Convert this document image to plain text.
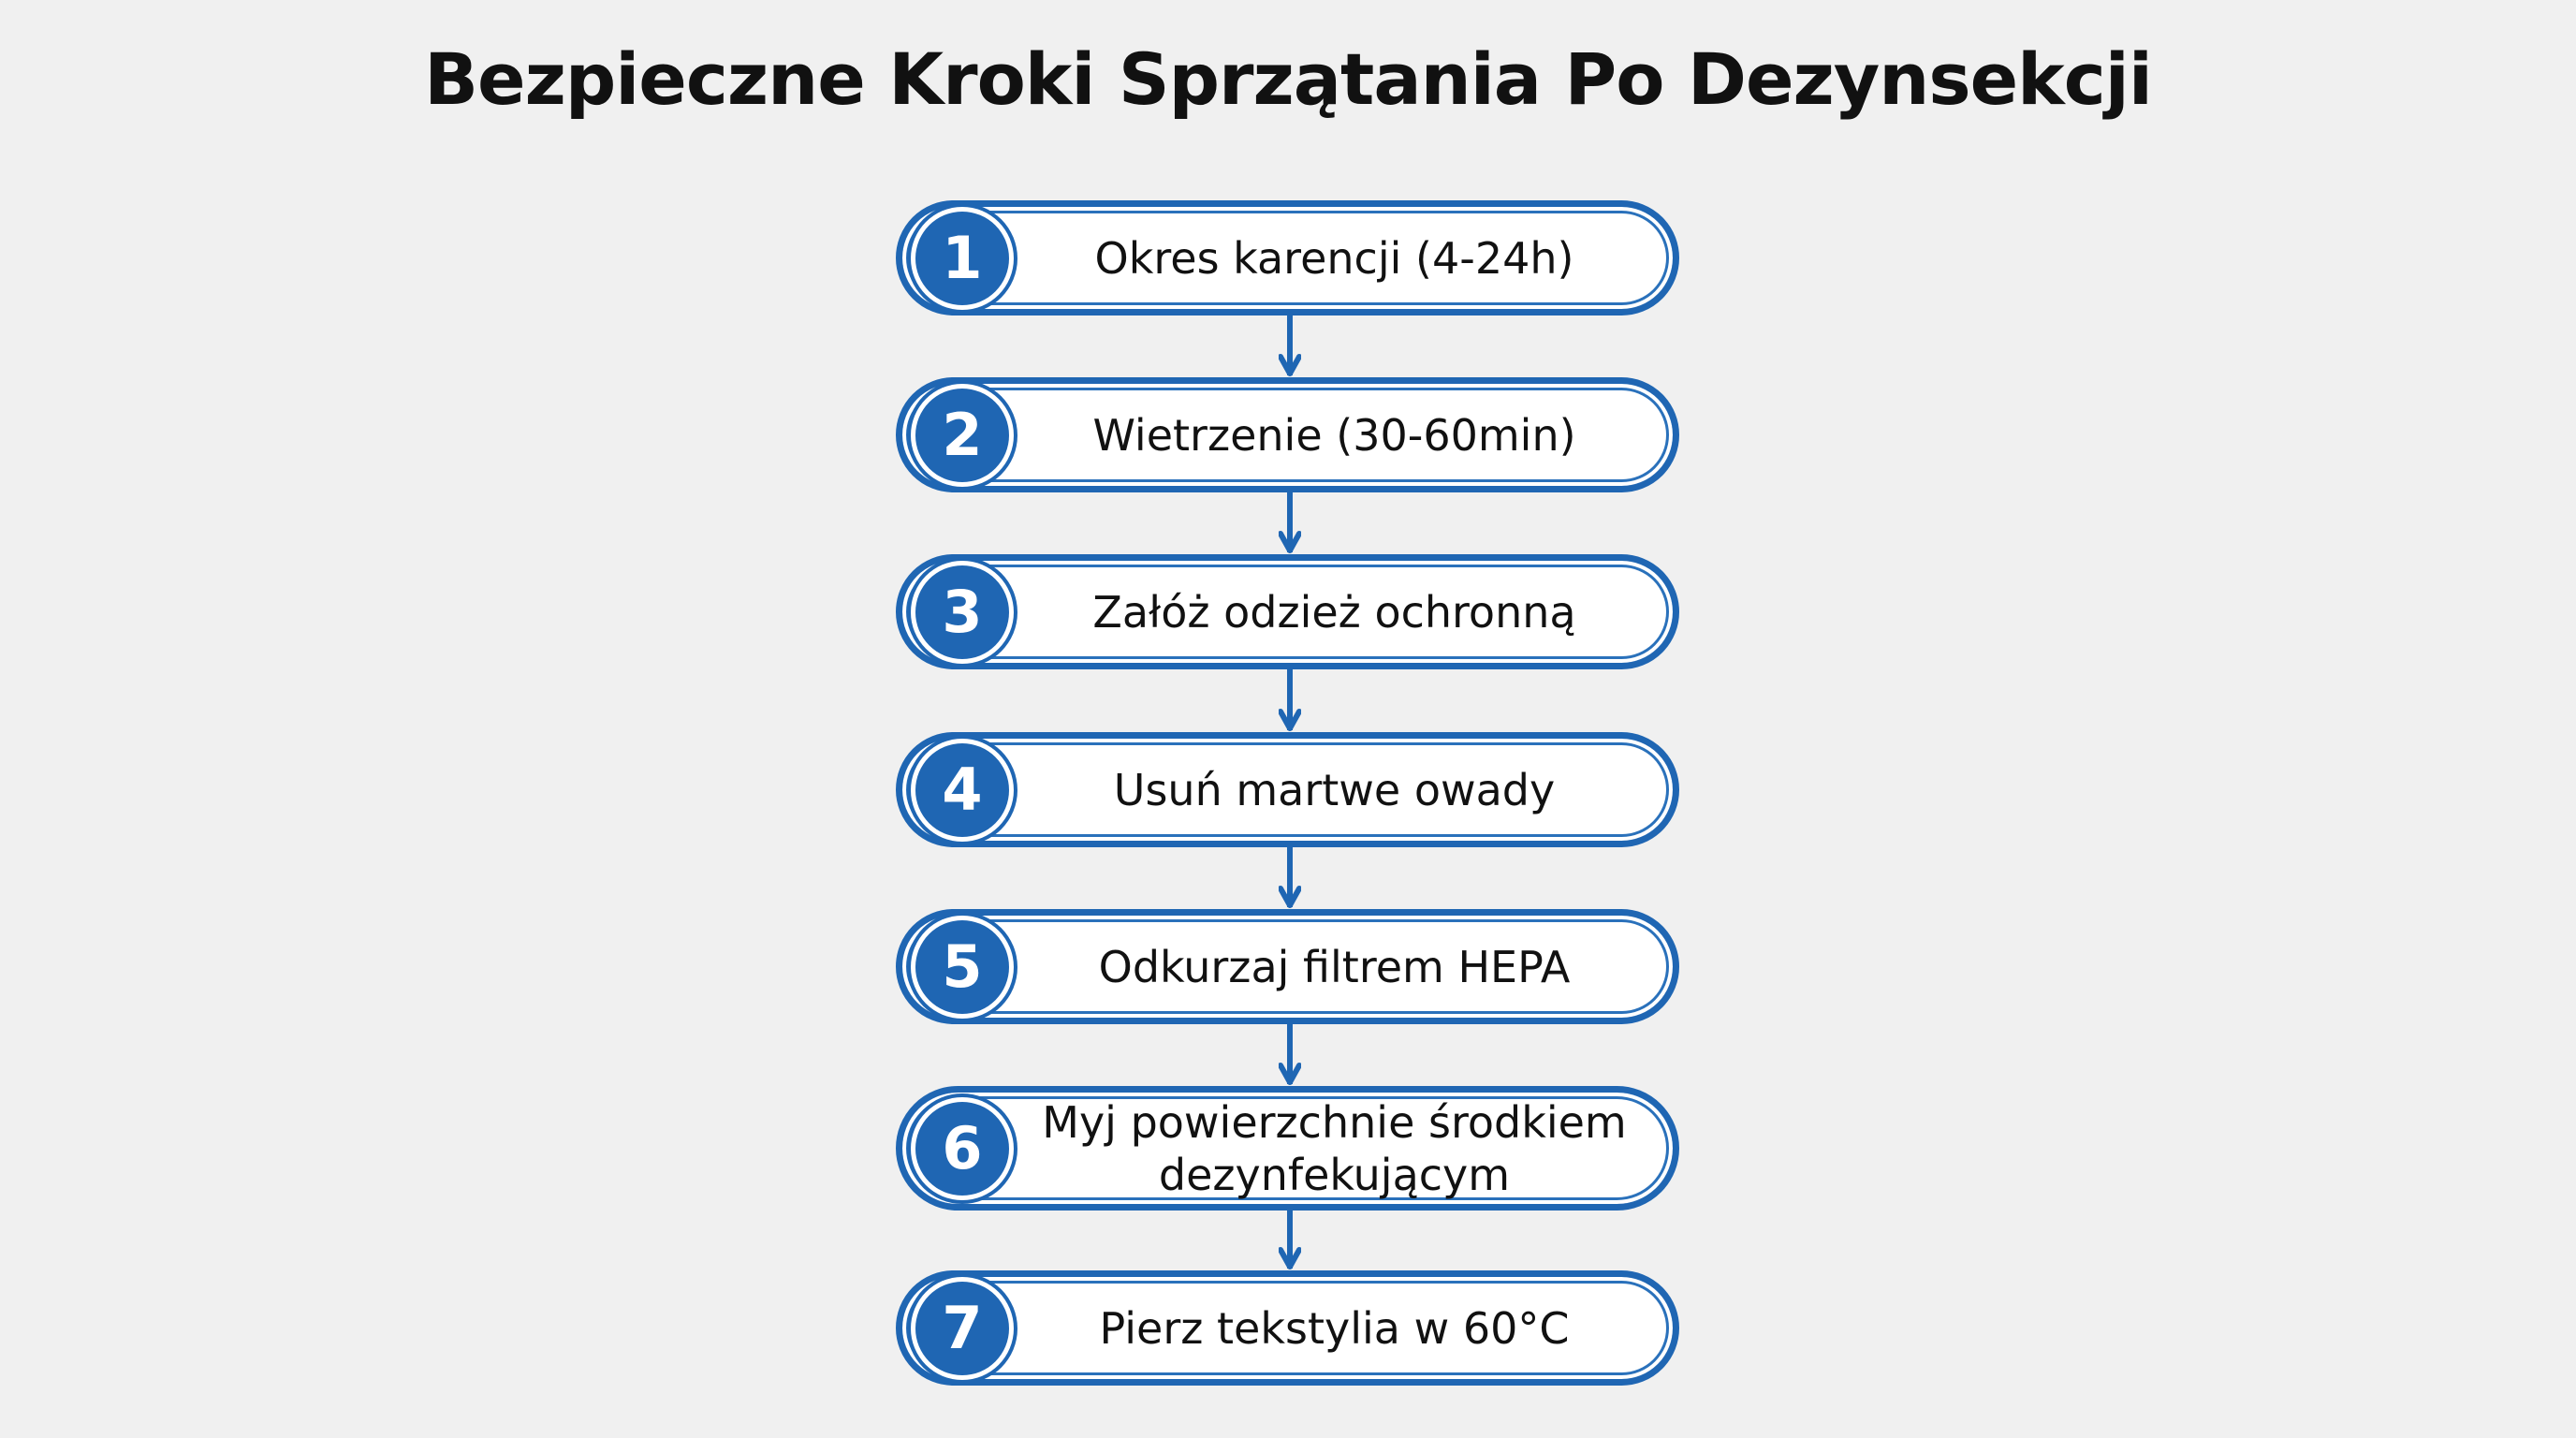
Bezpieczne Kroki Sprzątania Po Dezynsekcji
1	Okres karencji (4-24h)
2	Wietrzenie (30-60min)
3	Załóż odzież ochronną
4	Usuń martwe owady
5	Odkurzaj filtrem HEPA
6	Myj powierzchnie środkiem dezynfekującym
7	Pierz tekstylia w 60°C
